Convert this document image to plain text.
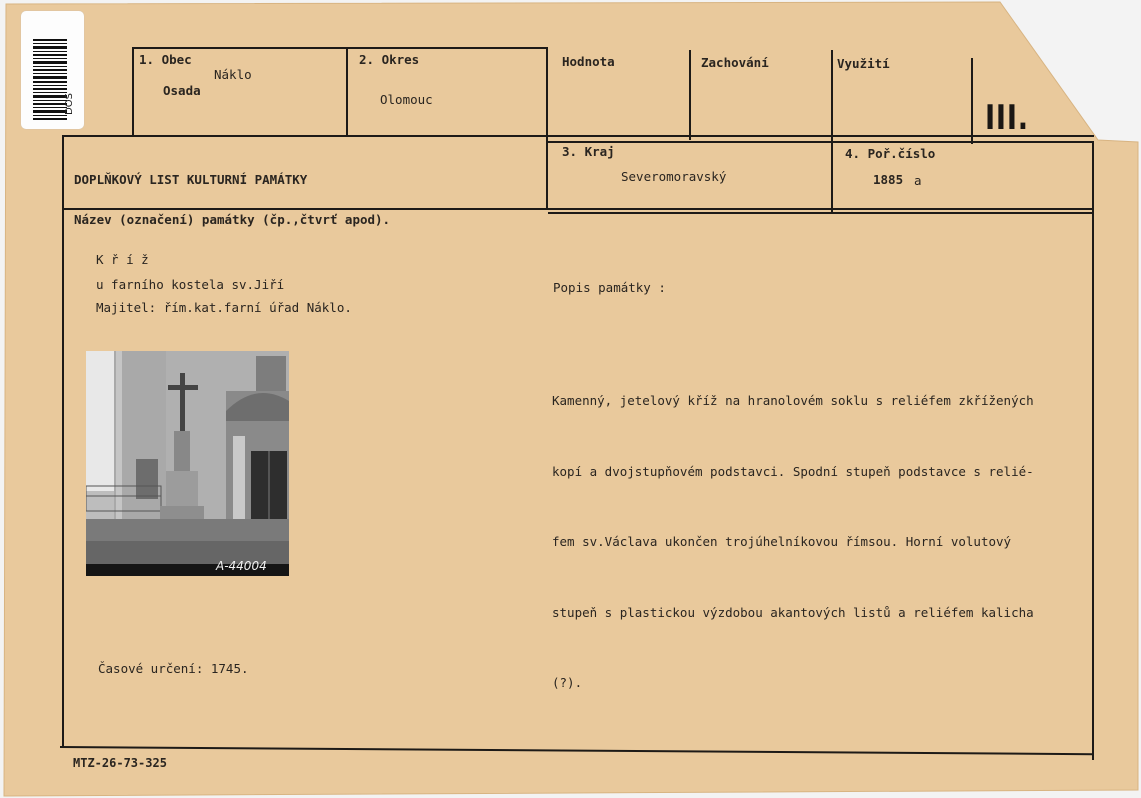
DOS
1. Obec
Náklo
Osada
2. Okres
Olomouc
Hodnota	Zachování	Využití
III.
DOPLŇKOVÝ LIST KULTURNÍ PAMÁTKY
3. Kraj
Severomoravský
4. Poř.číslo
1885 a
Název (označení) památky (čp.,čtvrť apod).
K ř í ž
u farního kostela sv.Jiří
Majitel: řím.kat.farní úřad Náklo.
A-44004
Popis památky :

Kamenný, jetelový kříž na hranolovém soklu s reliéfem zkřížených

kopí a dvojstupňovém podstavci. Spodní stupeň podstavce s relié-

fem sv.Václava ukončen trojúhelníkovou římsou. Horní volutový

stupeň s plastickou výzdobou akantových listů a reliéfem kalicha

(?).

Časové určení: 1745.
MTZ-26-73-325
